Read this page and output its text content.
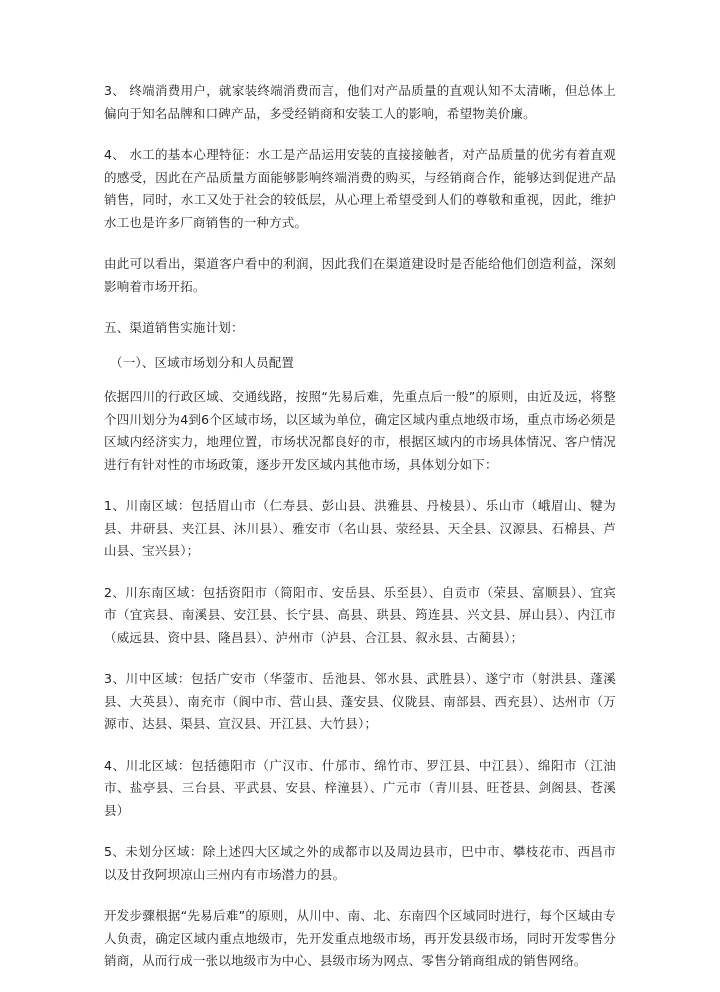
3、 终端消费用户，就家装终端消费而言，他们对产品质量的直观认知不太清晰，但总体上偏向于知名品牌和口碑产品，多受经销商和安装工人的影响，希望物美价廉。

4、 水工的基本心理特征：水工是产品运用安装的直接接触者，对产品质量的优劣有着直观的感受，因此在产品质量方面能够影响终端消费的购买，与经销商合作，能够达到促进产品销售，同时，水工又处于社会的较低层，从心理上希望受到人们的尊敬和重视，因此，维护水工也是许多厂商销售的一种方式。

由此可以看出，渠道客户看中的利润，因此我们在渠道建设时是否能给他们创造利益，深刻影响着市场开拓。

五、渠道销售实施计划：

（一）、区域市场划分和人员配置

依据四川的行政区域、交通线路，按照“先易后难，先重点后一般”的原则，由近及远，将整个四川划分为4到6个区域市场，以区域为单位，确定区域内重点地级市场，重点市场必须是区域内经济实力，地理位置，市场状况都良好的市，根据区域内的市场具体情况、客户情况进行有针对性的市场政策，逐步开发区域内其他市场，具体划分如下：

1、川南区域：包括眉山市（仁寿县、彭山县、洪雅县、丹棱县）、乐山市（峨眉山、犍为县、井研县、夹江县、沐川县）、雅安市（名山县、荥经县、天全县、汉源县、石棉县、芦山县、宝兴县）；

2、川东南区域：包括资阳市（简阳市、安岳县、乐至县）、自贡市（荣县、富顺县）、宜宾市（宜宾县、南溪县、安江县、长宁县、高县、珙县、筠连县、兴文县、屏山县）、内江市（威远县、资中县、隆昌县）、泸州市（泸县、合江县、叙永县、古蔺县）；

3、川中区域：包括广安市（华蓥市、岳池县、邻水县、武胜县）、遂宁市（射洪县、蓬溪县、大英县）、南充市（阆中市、营山县、蓬安县、仪陇县、南部县、西充县）、达州市（万源市、达县、渠县、宣汉县、开江县、大竹县）；

4、川北区域：包括德阳市（广汉市、什邡市、绵竹市、罗江县、中江县）、绵阳市（江油市、盐亭县、三台县、平武县、安县、梓潼县）、广元市（青川县、旺苍县、剑阁县、苍溪县）

5、未划分区域：除上述四大区域之外的成都市以及周边县市，巴中市、攀枝花市、西昌市以及甘孜阿坝凉山三州内有市场潜力的县。

开发步骤根据“先易后难”的原则，从川中、南、北、东南四个区域同时进行，每个区域由专人负责，确定区域内重点地级市，先开发重点地级市场，再开发县级市场，同时开发零售分销商，从而行成一张以地级市为中心、县级市场为网点、零售分销商组成的销售网络。
